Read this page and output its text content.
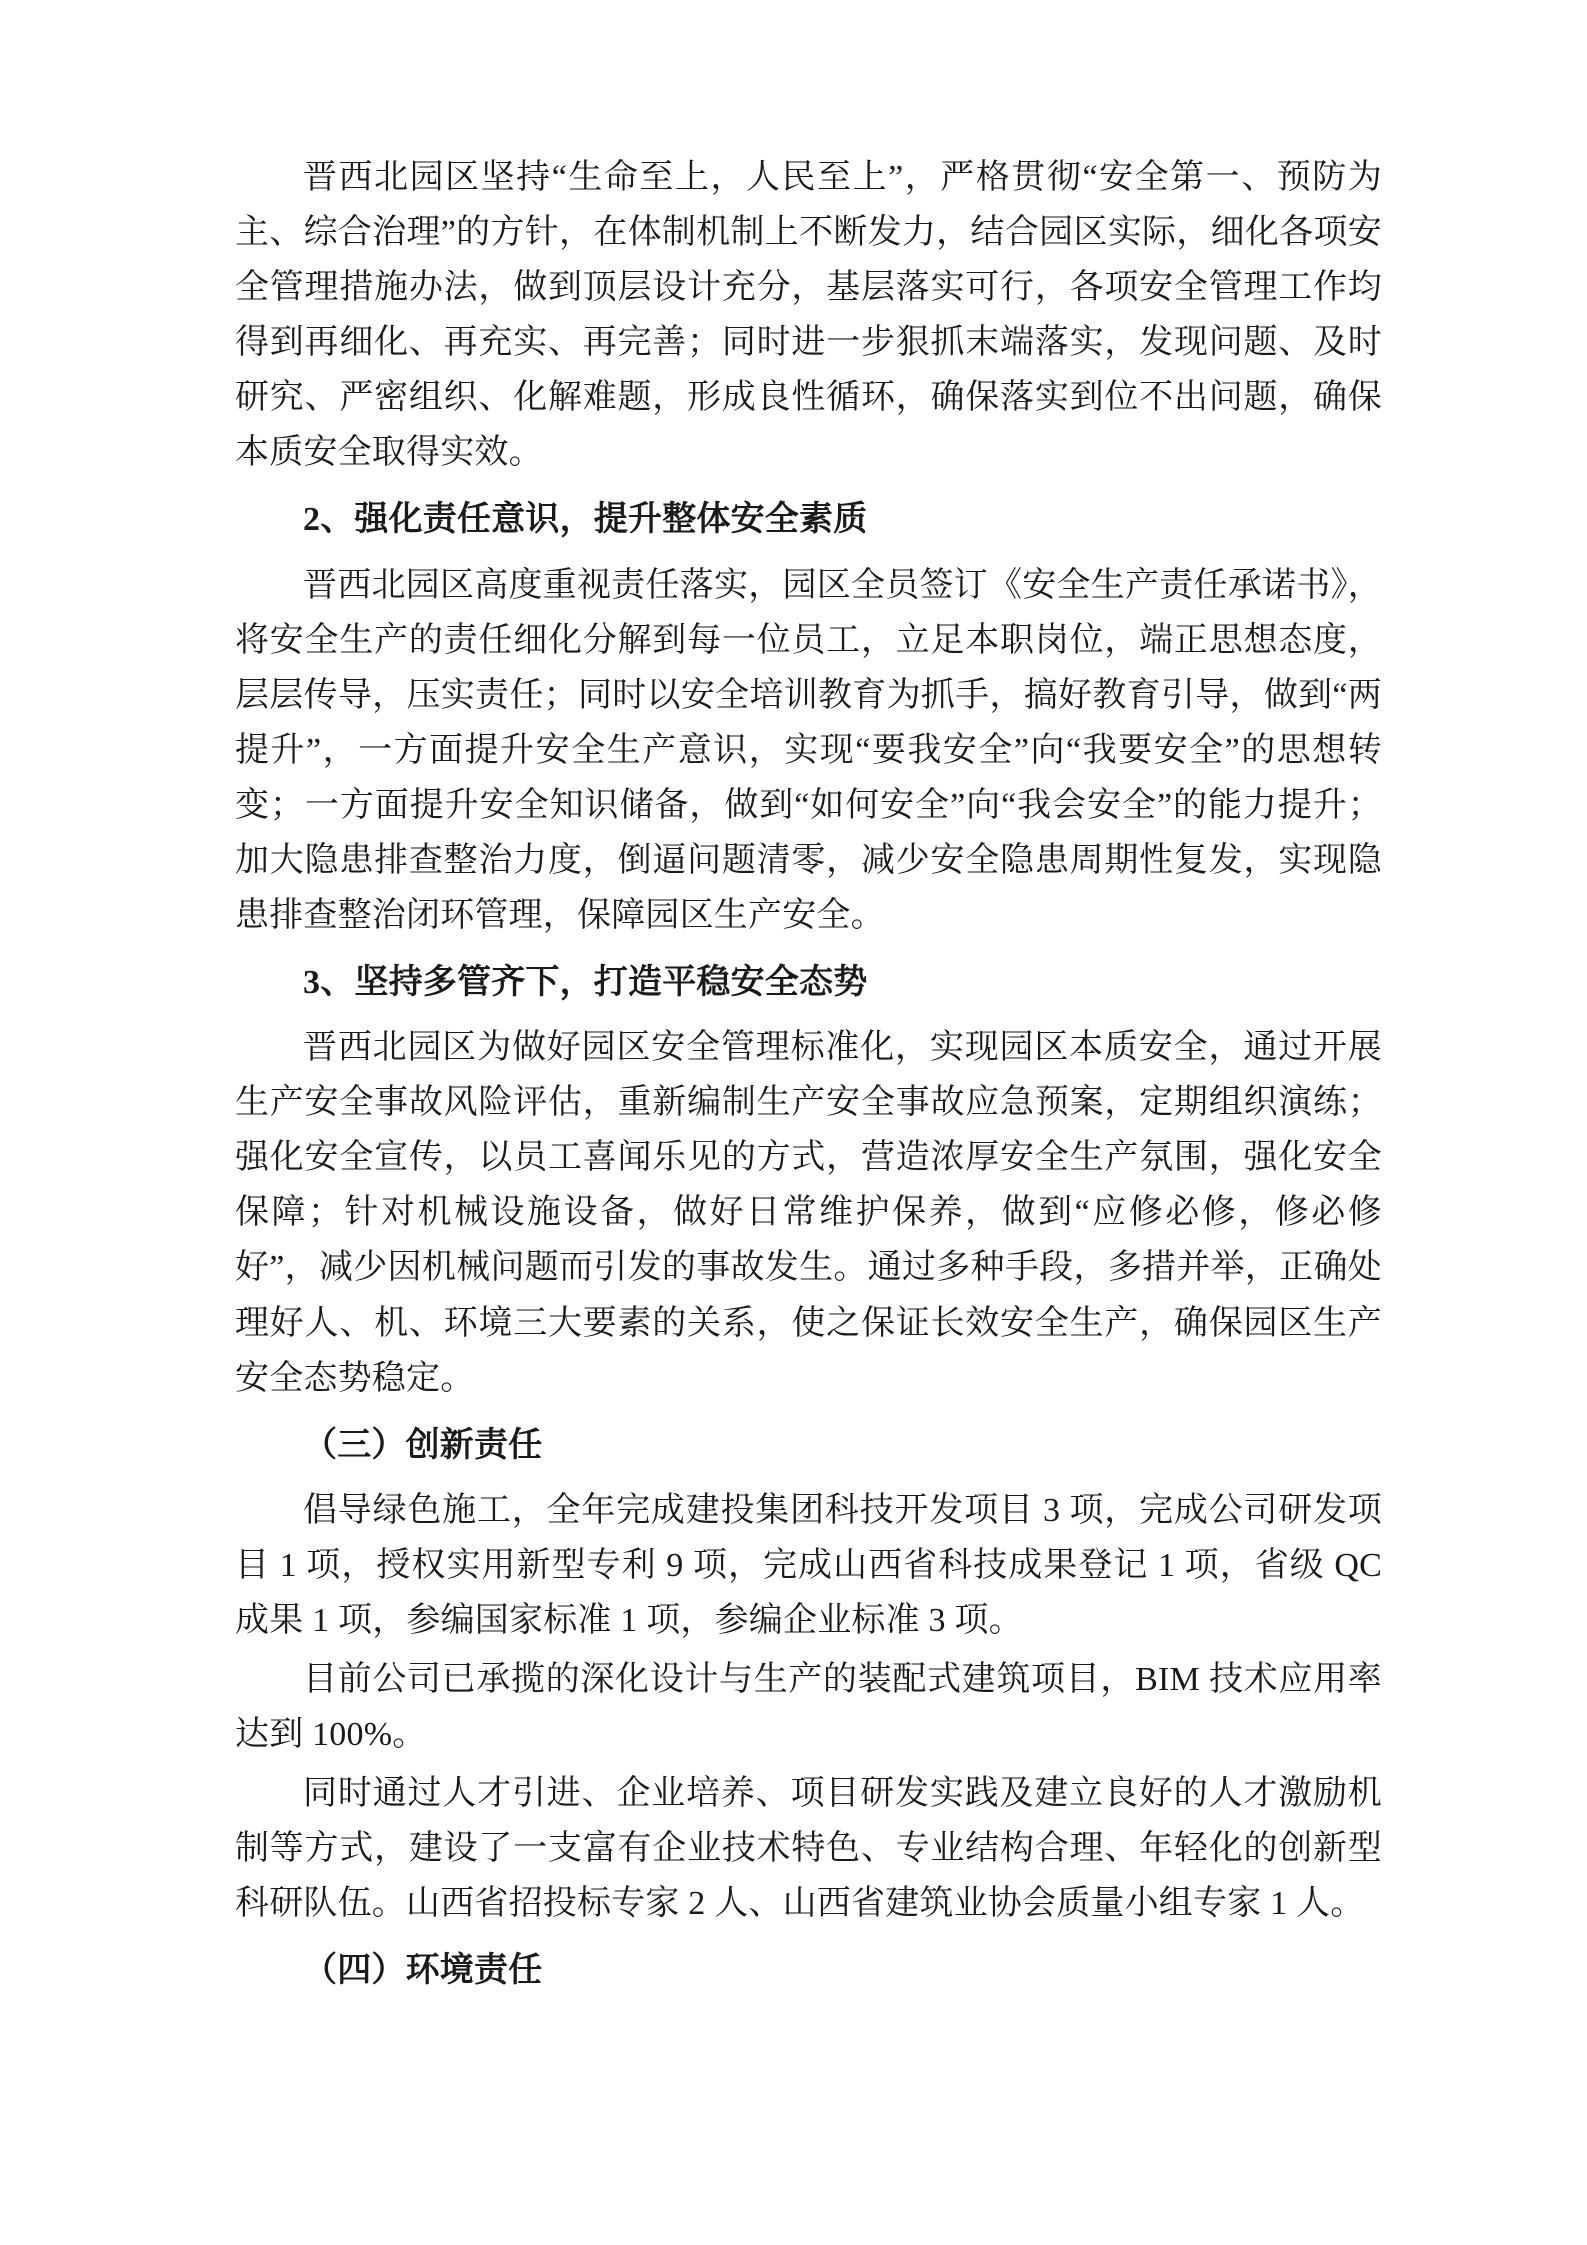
晋西北园区坚持“生命至上，人民至上”，严格贯彻“安全第一、预防为主、综合治理”的方针，在体制机制上不断发力，结合园区实际，细化各项安全管理措施办法，做到顶层设计充分，基层落实可行，各项安全管理工作均得到再细化、再充实、再完善；同时进一步狠抓末端落实，发现问题、及时研究、严密组织、化解难题，形成良性循环，确保落实到位不出问题，确保本质安全取得实效。

2、强化责任意识，提升整体安全素质

晋西北园区高度重视责任落实，园区全员签订《安全生产责任承诺书》，将安全生产的责任细化分解到每一位员工，立足本职岗位，端正思想态度，层层传导，压实责任；同时以安全培训教育为抓手，搞好教育引导，做到“两提升”，一方面提升安全生产意识，实现“要我安全”向“我要安全”的思想转变；一方面提升安全知识储备，做到“如何安全”向“我会安全”的能力提升；加大隐患排查整治力度，倒逼问题清零，减少安全隐患周期性复发，实现隐患排查整治闭环管理，保障园区生产安全。

3、坚持多管齐下，打造平稳安全态势

晋西北园区为做好园区安全管理标准化，实现园区本质安全，通过开展生产安全事故风险评估，重新编制生产安全事故应急预案，定期组织演练；强化安全宣传，以员工喜闻乐见的方式，营造浓厚安全生产氛围，强化安全保障；针对机械设施设备，做好日常维护保养，做到“应修必修，修必修好”，减少因机械问题而引发的事故发生。通过多种手段，多措并举，正确处理好人、机、环境三大要素的关系，使之保证长效安全生产，确保园区生产安全态势稳定。

（三）创新责任

倡导绿色施工，全年完成建投集团科技开发项目 3 项，完成公司研发项目 1 项，授权实用新型专利 9 项，完成山西省科技成果登记 1 项，省级 QC 成果 1 项，参编国家标准 1 项，参编企业标准 3 项。

目前公司已承揽的深化设计与生产的装配式建筑项目，BIM 技术应用率达到 100%。

同时通过人才引进、企业培养、项目研发实践及建立良好的人才激励机制等方式，建设了一支富有企业技术特色、专业结构合理、年轻化的创新型科研队伍。山西省招投标专家 2 人、山西省建筑业协会质量小组专家 1 人。

（四）环境责任
